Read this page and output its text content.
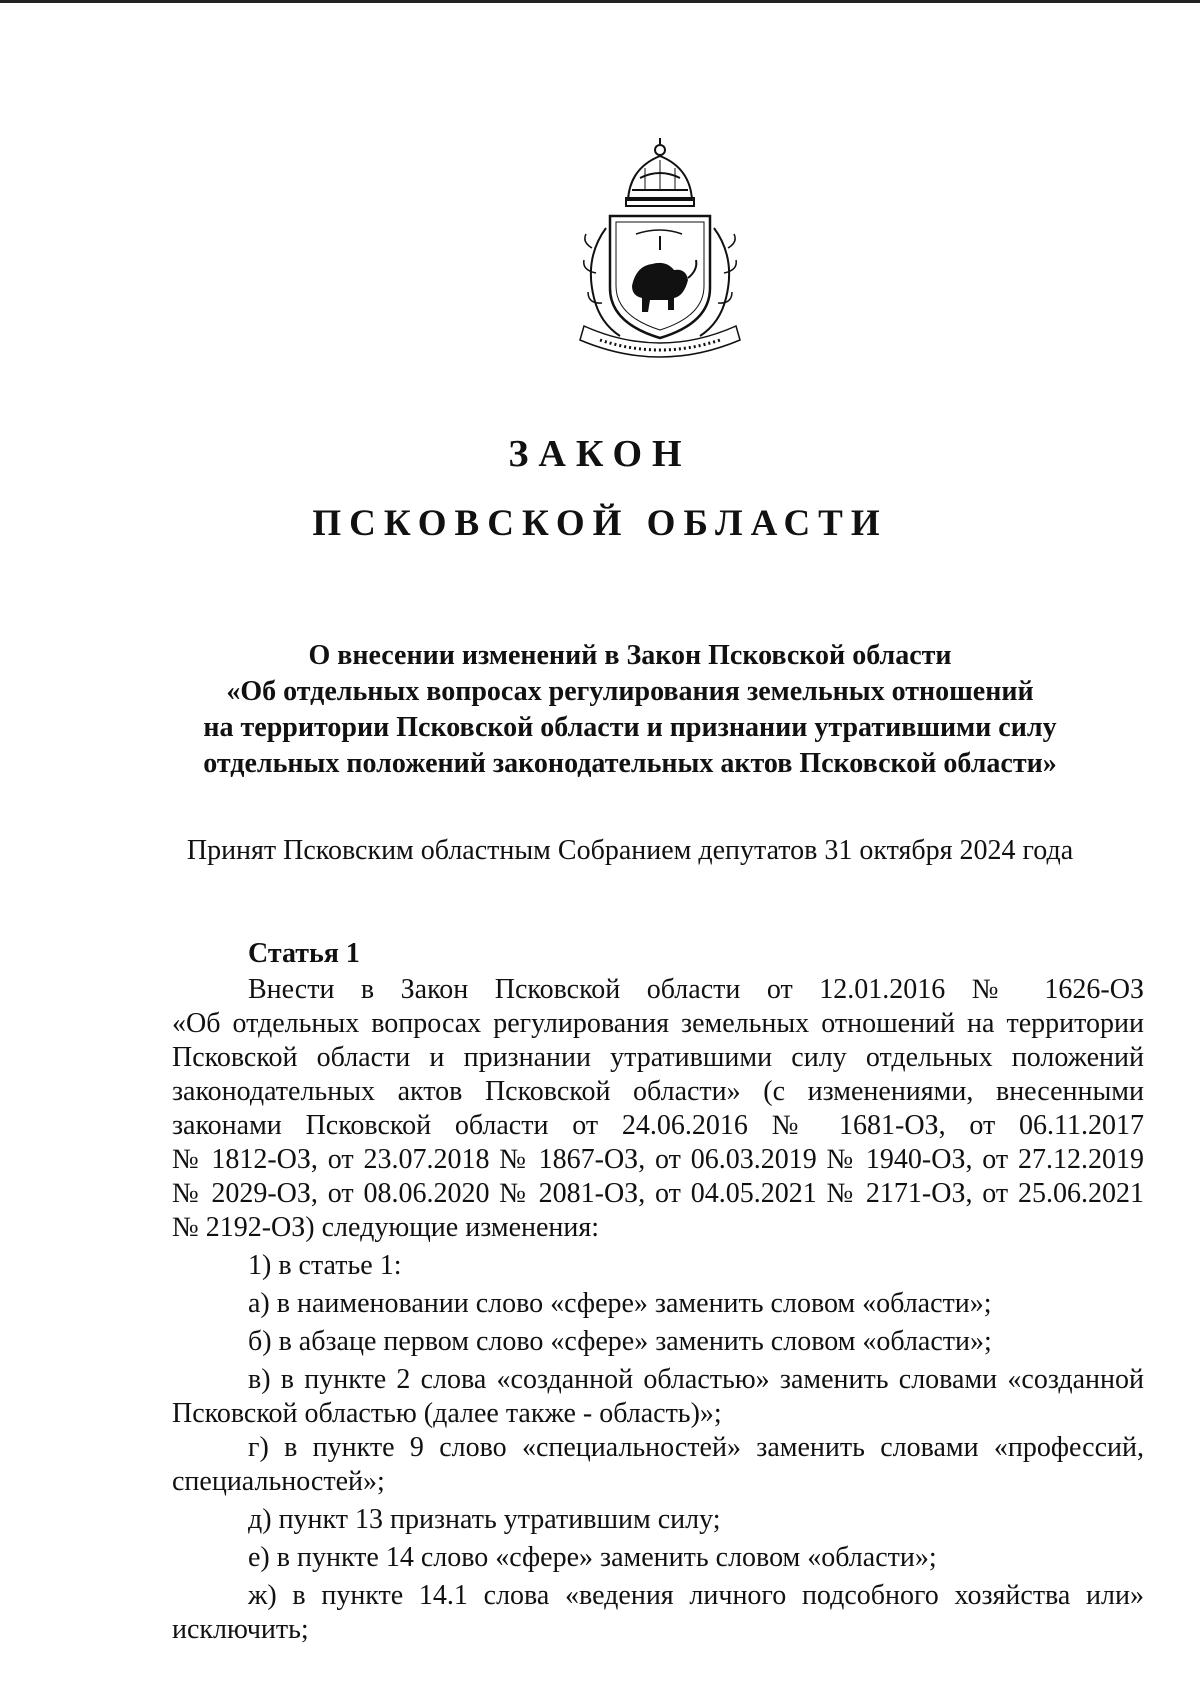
ЗАКОН
ПСКОВСКОЙ ОБЛАСТИ
О внесении изменений в Закон Псковской области
«Об отдельных вопросах регулирования земельных отношений
на территории Псковской области и признании утратившими силу
отдельных положений законодательных актов Псковской области»
Принят Псковским областным Собранием депутатов 31 октября 2024 года
Статья 1
Внести в Закон Псковской области от 12.01.2016 № 1626-ОЗ
«Об отдельных вопросах регулирования земельных отношений на территории
Псковской области и признании утратившими силу отдельных положений
законодательных актов Псковской области» (с изменениями, внесенными
законами Псковской области от 24.06.2016 № 1681-ОЗ, от 06.11.2017
№ 1812-ОЗ, от 23.07.2018 № 1867-ОЗ, от 06.03.2019 № 1940-ОЗ, от 27.12.2019
№ 2029-ОЗ, от 08.06.2020 № 2081-ОЗ, от 04.05.2021 № 2171-ОЗ, от 25.06.2021
№ 2192-ОЗ) следующие изменения:
1) в статье 1:
а) в наименовании слово «сфере» заменить словом «области»;
б) в абзаце первом слово «сфере» заменить словом «области»;
в) в пункте 2 слова «созданной областью» заменить словами «созданной
Псковской областью (далее также - область)»;
г) в пункте 9 слово «специальностей» заменить словами «профессий,
специальностей»;
д) пункт 13 признать утратившим силу;
е) в пункте 14 слово «сфере» заменить словом «области»;
ж) в пункте 14.1 слова «ведения личного подсобного хозяйства или»
исключить;
